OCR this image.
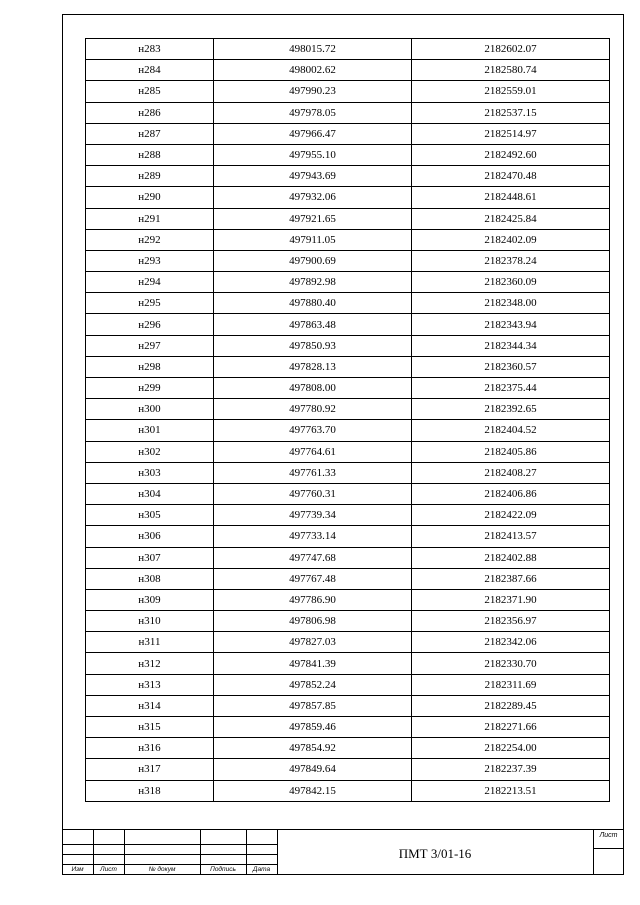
н283	498015.72	2182602.07
н284	498002.62	2182580.74
н285	497990.23	2182559.01
н286	497978.05	2182537.15
н287	497966.47	2182514.97
н288	497955.10	2182492.60
н289	497943.69	2182470.48
н290	497932.06	2182448.61
н291	497921.65	2182425.84
н292	497911.05	2182402.09
н293	497900.69	2182378.24
н294	497892.98	2182360.09
н295	497880.40	2182348.00
н296	497863.48	2182343.94
н297	497850.93	2182344.34
н298	497828.13	2182360.57
н299	497808.00	2182375.44
н300	497780.92	2182392.65
н301	497763.70	2182404.52
н302	497764.61	2182405.86
н303	497761.33	2182408.27
н304	497760.31	2182406.86
н305	497739.34	2182422.09
н306	497733.14	2182413.57
н307	497747.68	2182402.88
н308	497767.48	2182387.66
н309	497786.90	2182371.90
н310	497806.98	2182356.97
н311	497827.03	2182342.06
н312	497841.39	2182330.70
н313	497852.24	2182311.69
н314	497857.85	2182289.45
н315	497859.46	2182271.66
н316	497854.92	2182254.00
н317	497849.64	2182237.39
н318	497842.15	2182213.51
Изм	Лист	№ докум	Подпись	Дата
ПМТ 3/01-16
Лист
